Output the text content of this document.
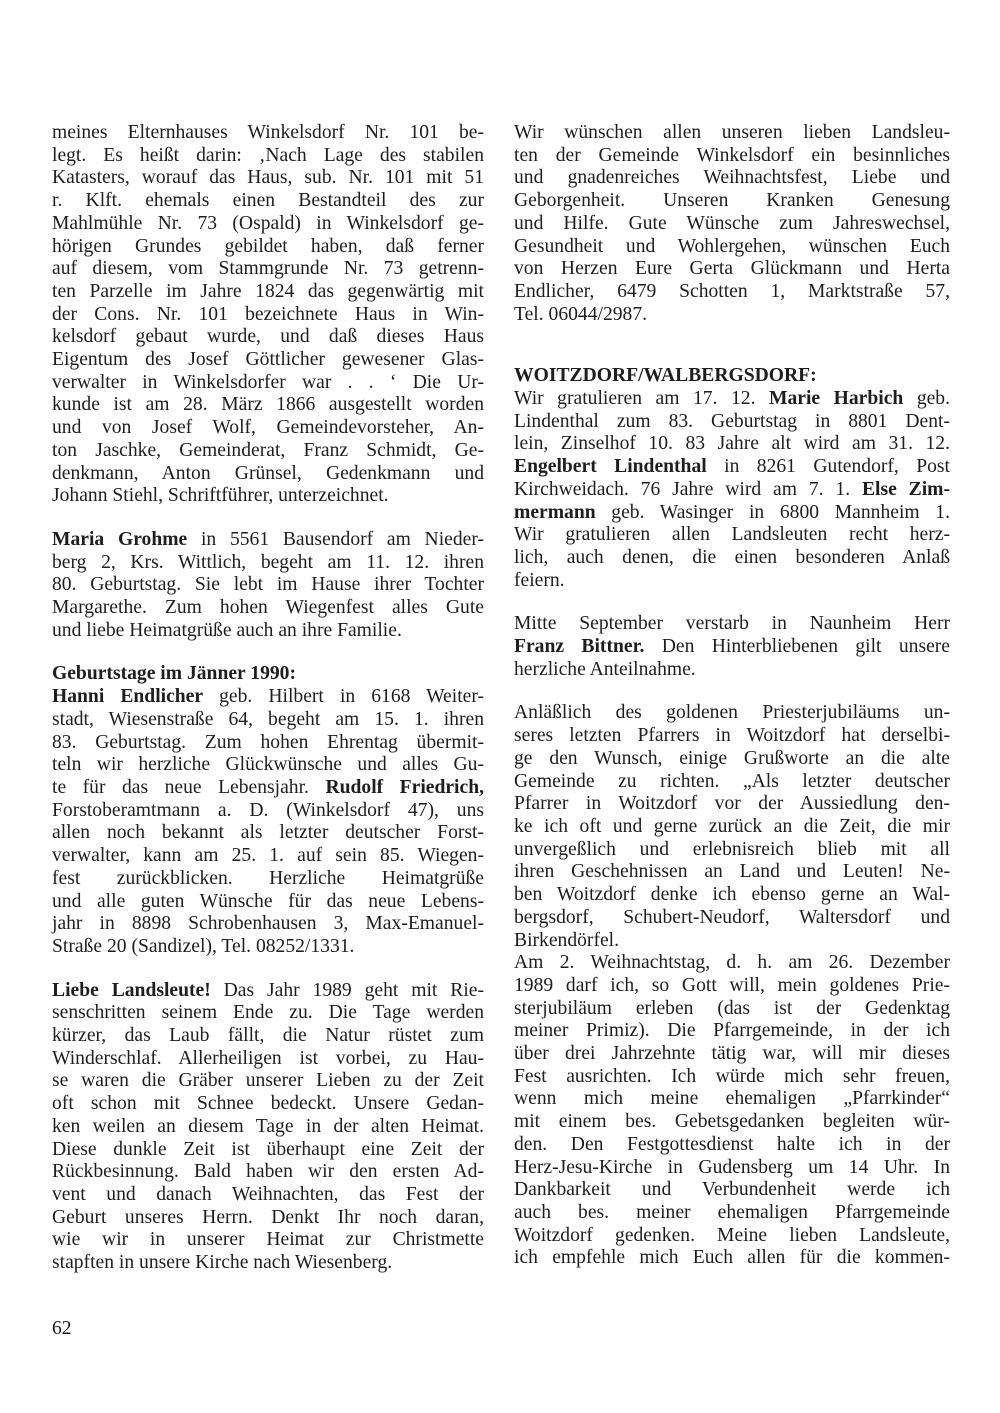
meines Elternhauses Winkelsdorf Nr. 101 be-
legt. Es heißt darin: ‚Nach Lage des stabilen
Katasters, worauf das Haus, sub. Nr. 101 mit 51
r. Klft. ehemals einen Bestandteil des zur
Mahlmühle Nr. 73 (Ospald) in Winkelsdorf ge-
hörigen Grundes gebildet haben, daß ferner
auf diesem, vom Stammgrunde Nr. 73 getrenn-
ten Parzelle im Jahre 1824 das gegenwärtig mit
der Cons. Nr. 101 bezeichnete Haus in Win-
kelsdorf gebaut wurde, und daß dieses Haus
Eigentum des Josef Göttlicher gewesener Glas-
verwalter in Winkelsdorfer war . . ‘ Die Ur-
kunde ist am 28. März 1866 ausgestellt worden
und von Josef Wolf, Gemeindevorsteher, An-
ton Jaschke, Gemeinderat, Franz Schmidt, Ge-
denkmann, Anton Grünsel, Gedenkmann und
Johann Stiehl, Schriftführer, unterzeichnet.
Maria Grohme in 5561 Bausendorf am Nieder-
berg 2, Krs. Wittlich, begeht am 11. 12. ihren
80. Geburtstag. Sie lebt im Hause ihrer Tochter
Margarethe. Zum hohen Wiegenfest alles Gute
und liebe Heimatgrüße auch an ihre Familie.
Geburtstage im Jänner 1990:
Hanni Endlicher geb. Hilbert in 6168 Weiter-
stadt, Wiesenstraße 64, begeht am 15. 1. ihren
83. Geburtstag. Zum hohen Ehrentag übermit-
teln wir herzliche Glückwünsche und alles Gu-
te für das neue Lebensjahr. Rudolf Friedrich,
Forstoberamtmann a. D. (Winkelsdorf 47), uns
allen noch bekannt als letzter deutscher Forst-
verwalter, kann am 25. 1. auf sein 85. Wiegen-
fest zurückblicken. Herzliche Heimatgrüße
und alle guten Wünsche für das neue Lebens-
jahr in 8898 Schrobenhausen 3, Max-Emanuel-
Straße 20 (Sandizel), Tel. 08252/1331.
Liebe Landsleute! Das Jahr 1989 geht mit Rie-
senschritten seinem Ende zu. Die Tage werden
kürzer, das Laub fällt, die Natur rüstet zum
Winderschlaf. Allerheiligen ist vorbei, zu Hau-
se waren die Gräber unserer Lieben zu der Zeit
oft schon mit Schnee bedeckt. Unsere Gedan-
ken weilen an diesem Tage in der alten Heimat.
Diese dunkle Zeit ist überhaupt eine Zeit der
Rückbesinnung. Bald haben wir den ersten Ad-
vent und danach Weihnachten, das Fest der
Geburt unseres Herrn. Denkt Ihr noch daran,
wie wir in unserer Heimat zur Christmette
stapften in unsere Kirche nach Wiesenberg.
Wir wünschen allen unseren lieben Landsleu-
ten der Gemeinde Winkelsdorf ein besinnliches
und gnadenreiches Weihnachtsfest, Liebe und
Geborgenheit. Unseren Kranken Genesung
und Hilfe. Gute Wünsche zum Jahreswechsel,
Gesundheit und Wohlergehen, wünschen Euch
von Herzen Eure Gerta Glückmann und Herta
Endlicher, 6479 Schotten 1, Marktstraße 57,
Tel. 06044/2987.
WOITZDORF/WALBERGSDORF:
Wir gratulieren am 17. 12. Marie Harbich geb.
Lindenthal zum 83. Geburtstag in 8801 Dent-
lein, Zinselhof 10. 83 Jahre alt wird am 31. 12.
Engelbert Lindenthal in 8261 Gutendorf, Post
Kirchweidach. 76 Jahre wird am 7. 1. Else Zim-
mermann geb. Wasinger in 6800 Mannheim 1.
Wir gratulieren allen Landsleuten recht herz-
lich, auch denen, die einen besonderen Anlaß
feiern.
Mitte September verstarb in Naunheim Herr
Franz Bittner. Den Hinterbliebenen gilt unsere
herzliche Anteilnahme.
Anläßlich des goldenen Priesterjubiläums un-
seres letzten Pfarrers in Woitzdorf hat derselbi-
ge den Wunsch, einige Grußworte an die alte
Gemeinde zu richten. „Als letzter deutscher
Pfarrer in Woitzdorf vor der Aussiedlung den-
ke ich oft und gerne zurück an die Zeit, die mir
unvergeßlich und erlebnisreich blieb mit all
ihren Geschehnissen an Land und Leuten! Ne-
ben Woitzdorf denke ich ebenso gerne an Wal-
bergsdorf, Schubert-Neudorf, Waltersdorf und
Birkendörfel.
Am 2. Weihnachtstag, d. h. am 26. Dezember
1989 darf ich, so Gott will, mein goldenes Prie-
sterjubiläum erleben (das ist der Gedenktag
meiner Primiz). Die Pfarrgemeinde, in der ich
über drei Jahrzehnte tätig war, will mir dieses
Fest ausrichten. Ich würde mich sehr freuen,
wenn mich meine ehemaligen „Pfarrkinder“
mit einem bes. Gebetsgedanken begleiten wür-
den. Den Festgottesdienst halte ich in der
Herz-Jesu-Kirche in Gudensberg um 14 Uhr. In
Dankbarkeit und Verbundenheit werde ich
auch bes. meiner ehemaligen Pfarrgemeinde
Woitzdorf gedenken. Meine lieben Landsleute,
ich empfehle mich Euch allen für die kommen-
62
